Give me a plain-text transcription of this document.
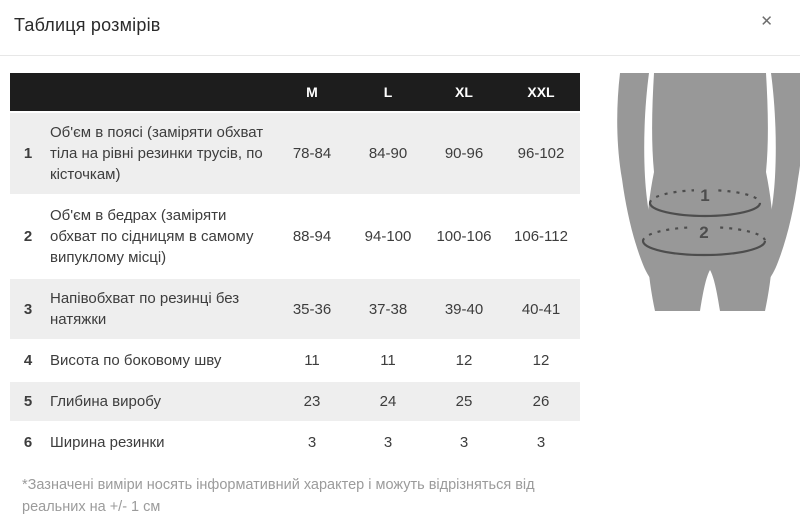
Таблиця розмірів	✕
		M	L	XL	XXL
1	Об'єм в поясі (заміряти обхват тіла на рівні резинки трусів, по кісточкам)	78-84	84-90	90-96	96-102
2	Об'єм в бедрах (заміряти обхват по сідницям в самому випуклому місці)	88-94	94-100	100-106	106-112
3	Напівобхват по резинці без натяжки	35-36	37-38	39-40	40-41
4	Висота по боковому шву	11	11	12	12
5	Глибина виробу	23	24	25	26
6	Ширина резинки	3	3	3	3
*Зазначені виміри носять інформативний характер і можуть відрізняться від реальних на +/- 1 см
1
2
